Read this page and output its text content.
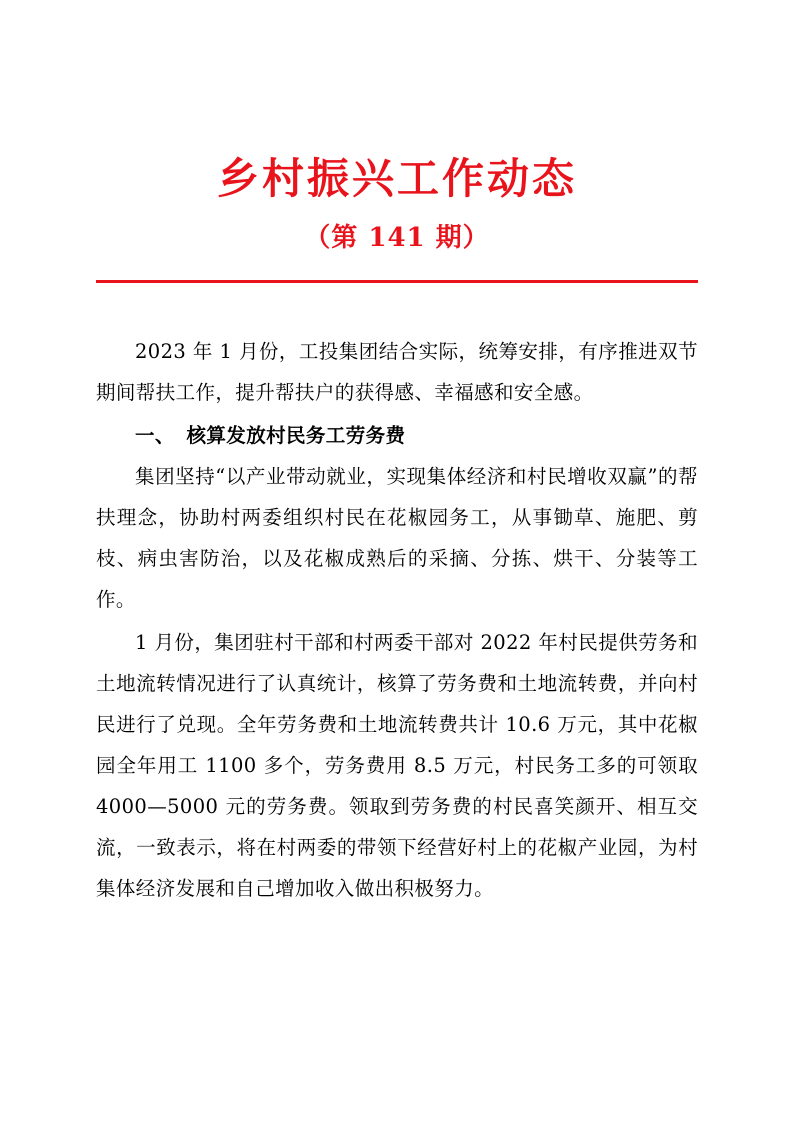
乡村振兴工作动态
（第 141 期）

2023 年 1 月份，工投集团结合实际，统筹安排，有序推进双节期间帮扶工作，提升帮扶户的获得感、幸福感和安全感。

一、 核算发放村民务工劳务费

集团坚持“以产业带动就业，实现集体经济和村民增收双赢”的帮扶理念，协助村两委组织村民在花椒园务工，从事锄草、施肥、剪枝、病虫害防治，以及花椒成熟后的采摘、分拣、烘干、分装等工作。

1 月份，集团驻村干部和村两委干部对 2022 年村民提供劳务和土地流转情况进行了认真统计，核算了劳务费和土地流转费，并向村民进行了兑现。全年劳务费和土地流转费共计 10.6 万元，其中花椒园全年用工 1100 多个，劳务费用 8.5 万元，村民务工多的可领取 4000—5000 元的劳务费。领取到劳务费的村民喜笑颜开、相互交流，一致表示，将在村两委的带领下经营好村上的花椒产业园，为村集体经济发展和自己增加收入做出积极努力。
